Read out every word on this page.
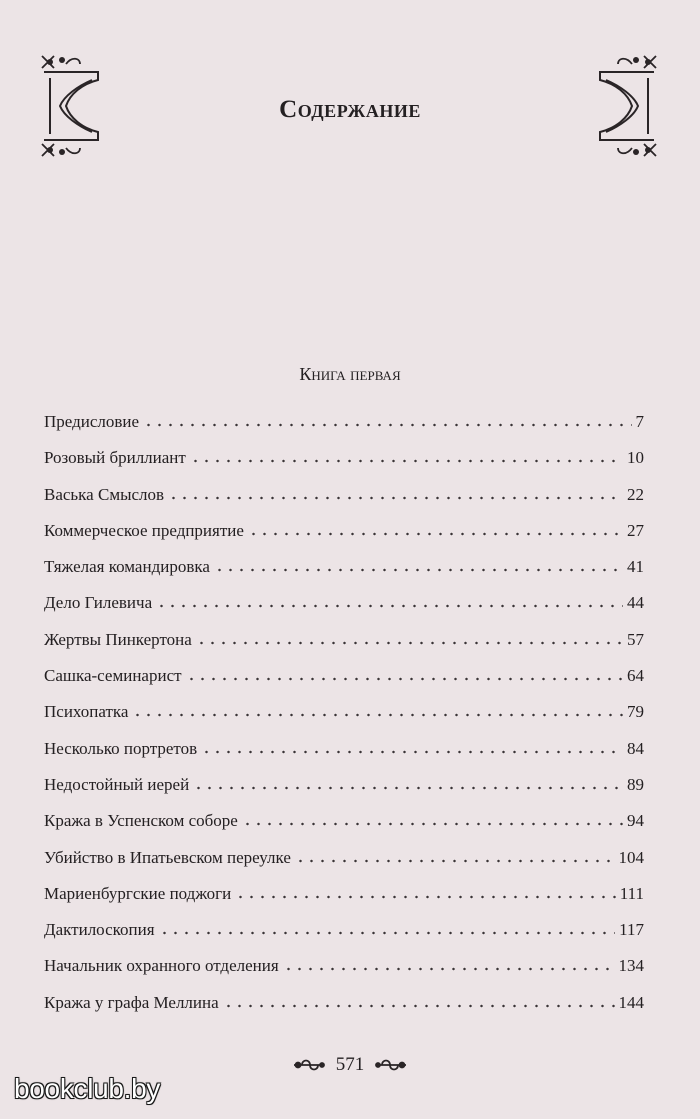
Содержание
Книга первая
Предисловие	7
Розовый бриллиант	10
Васька Смыслов	22
Коммерческое предприятие	27
Тяжелая командировка	41
Дело Гилевича	44
Жертвы Пинкертона	57
Сашка-семинарист	64
Психопатка	79
Несколько портретов	84
Недостойный иерей	89
Кража в Успенском соборе	94
Убийство в Ипатьевском переулке	104
Мариенбургские поджоги	111
Дактилоскопия	117
Начальник охранного отделения	134
Кража у графа Меллина	144
571
bookclub.by
